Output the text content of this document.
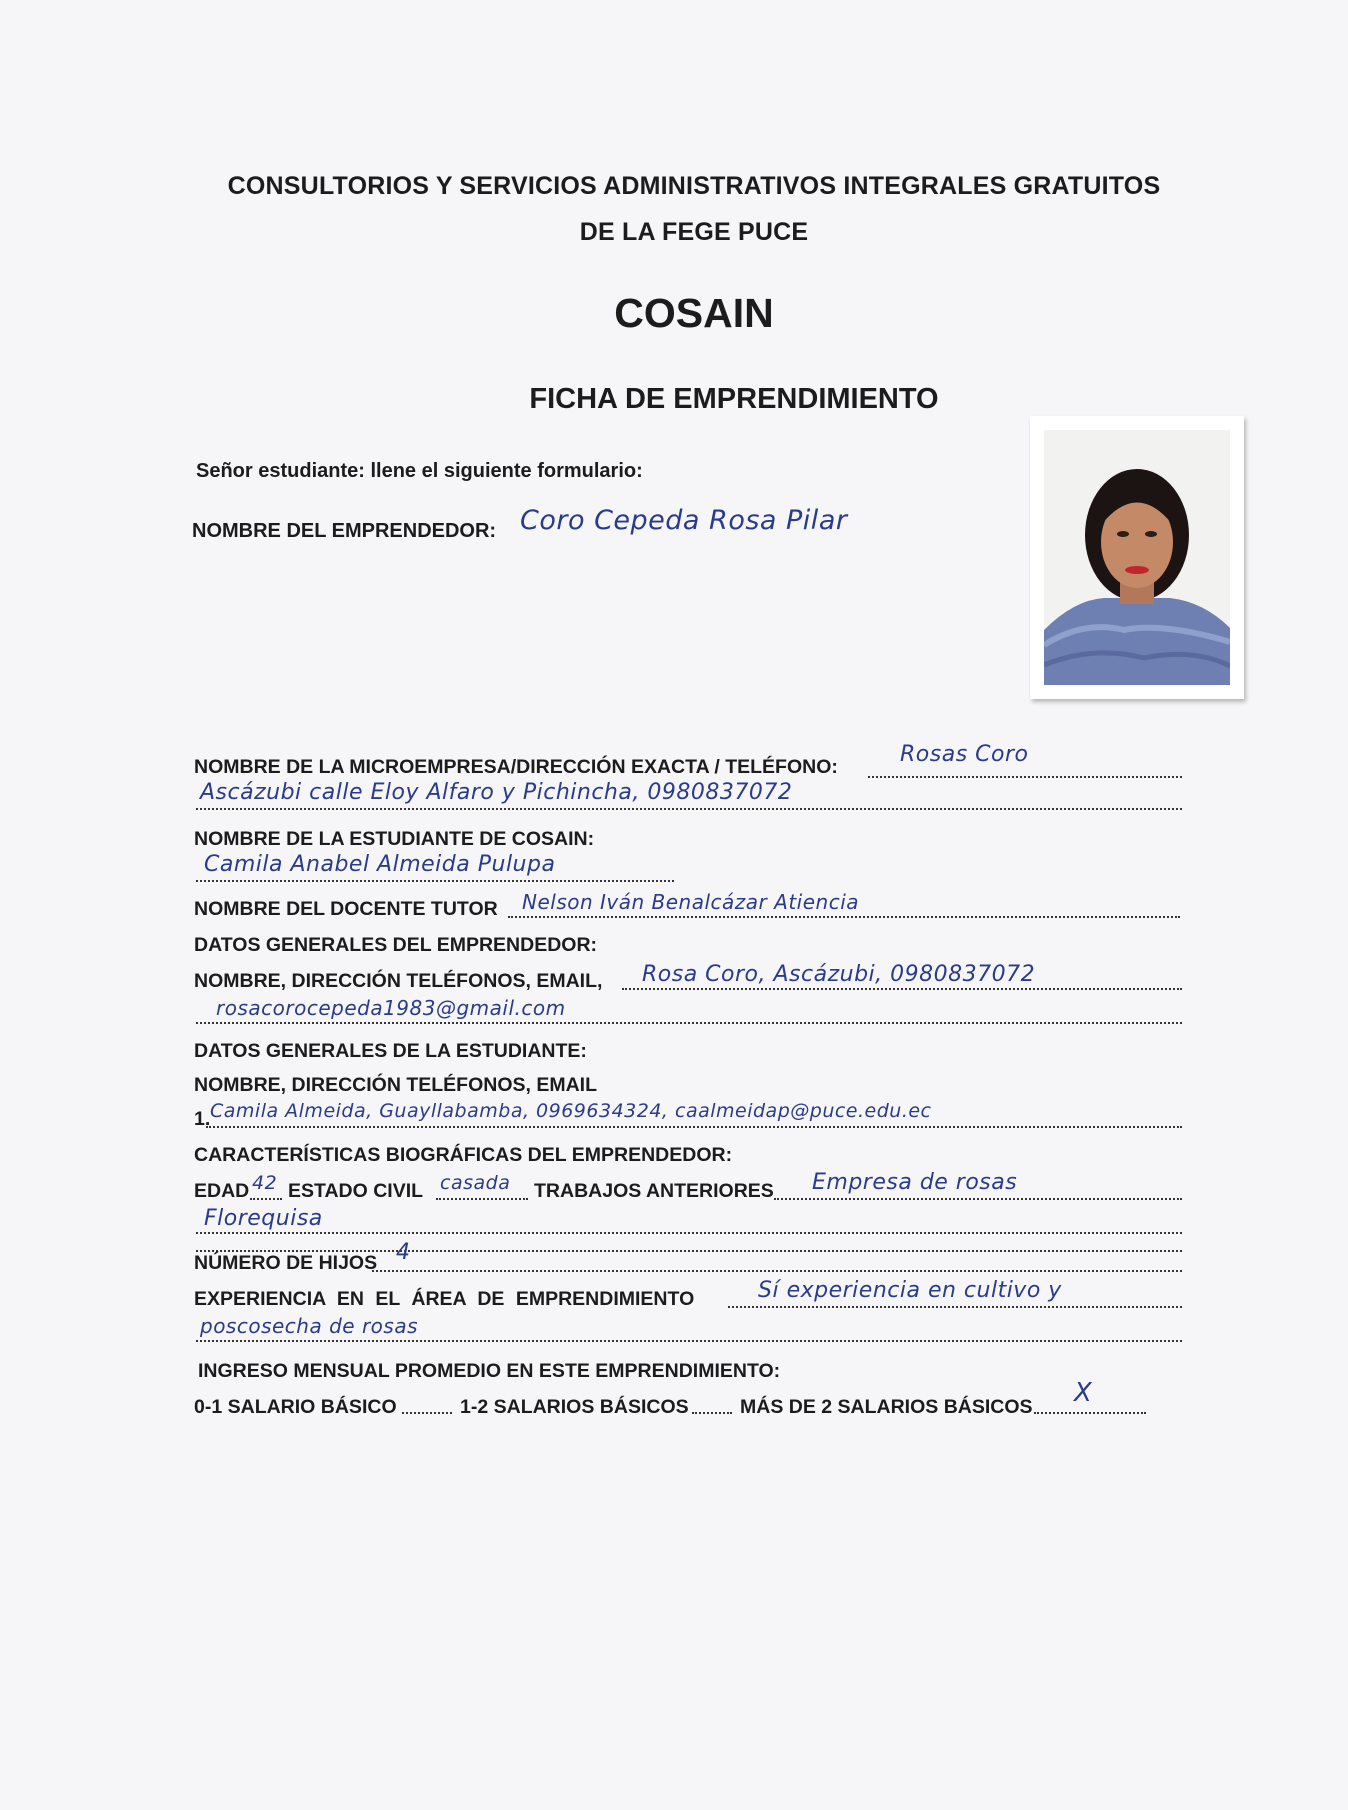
CONSULTORIOS Y SERVICIOS ADMINISTRATIVOS INTEGRALES GRATUITOS
DE LA FEGE PUCE
COSAIN
FICHA DE EMPRENDIMIENTO
Señor estudiante: llene el siguiente formulario:
NOMBRE DEL EMPRENDEDOR: Coro Cepeda Rosa Pilar
NOMBRE DE LA MICROEMPRESA/DIRECCIÓN EXACTA / TELÉFONO:	Rosas Coro
Ascázubi calle Eloy Alfaro y Pichincha, 0980837072
NOMBRE DE LA ESTUDIANTE DE COSAIN:
Camila Anabel Almeida Pulupa
NOMBRE DEL DOCENTE TUTOR Nelson Iván Benalcázar Atiencia
DATOS GENERALES DEL EMPRENDEDOR:
NOMBRE, DIRECCIÓN TELÉFONOS, EMAIL, Rosa Coro, Ascázubi, 0980837072
rosacorocepeda1983@gmail.com
DATOS GENERALES DE LA ESTUDIANTE:
NOMBRE, DIRECCIÓN TELÉFONOS, EMAIL
1. Camila Almeida, Guayllabamba, 0969634324, caalmeidap@puce.edu.ec
CARACTERÍSTICAS BIOGRÁFICAS DEL EMPRENDEDOR:
EDAD 42 ESTADO CIVIL casada TRABAJOS ANTERIORES Empresa de rosas
Florequisa
NÚMERO DE HIJOS 4
EXPERIENCIA EN EL ÁREA DE EMPRENDIMIENTO	Sí experiencia en cultivo y
poscosecha de rosas
INGRESO MENSUAL PROMEDIO EN ESTE EMPRENDIMIENTO:
0-1 SALARIO BÁSICO	1-2 SALARIOS BÁSICOS	MÁS DE 2 SALARIOS BÁSICOS X
